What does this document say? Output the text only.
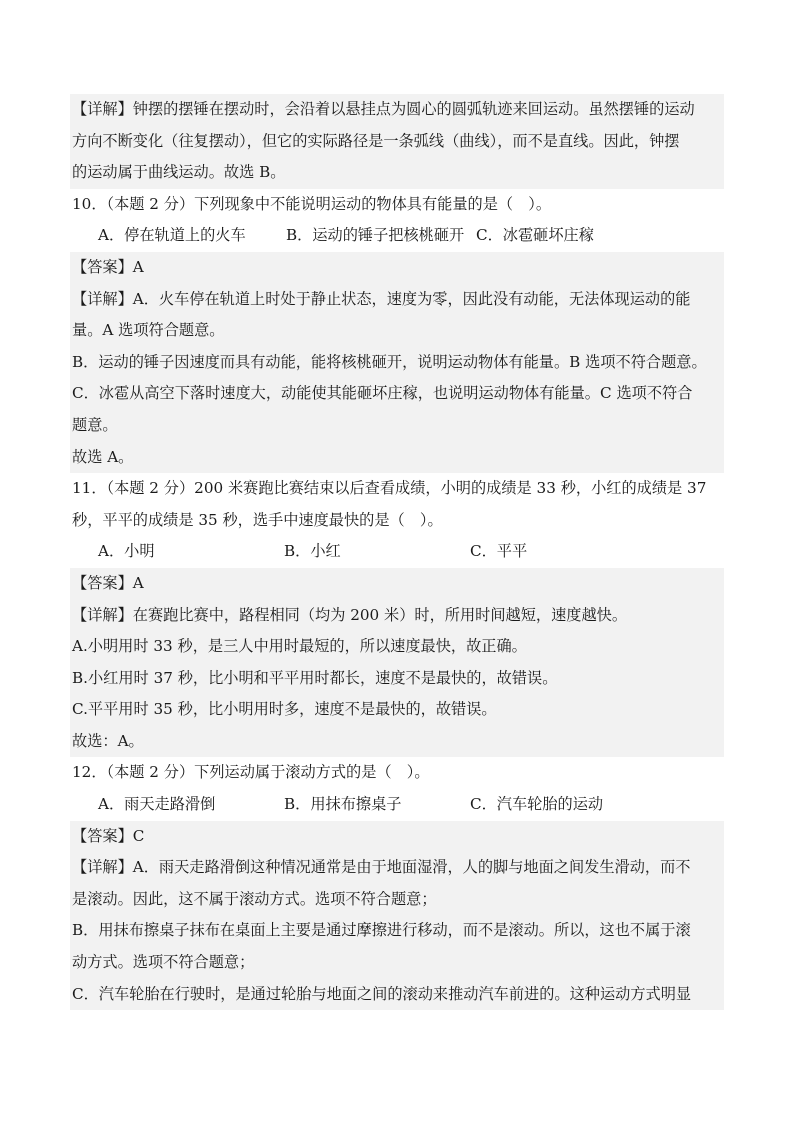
【详解】钟摆的摆锤在摆动时，会沿着以悬挂点为圆心的圆弧轨迹来回运动。虽然摆锤的运动
方向不断变化（往复摆动），但它的实际路径是一条弧线（曲线），而不是直线。因此，钟摆
的运动属于曲线运动。故选 B。
10．（本题 2 分）下列现象中不能说明运动的物体具有能量的是（　）。
A．停在轨道上的火车	B．运动的锤子把核桃砸开 C．冰雹砸坏庄稼
【答案】A
【详解】A．火车停在轨道上时处于静止状态，速度为零，因此没有动能，无法体现运动的能
量。A 选项符合题意。
B．运动的锤子因速度而具有动能，能将核桃砸开，说明运动物体有能量。B 选项不符合题意。
C．冰雹从高空下落时速度大，动能使其能砸坏庄稼，也说明运动物体有能量。C 选项不符合
题意。
故选 A。
11．（本题 2 分）200 米赛跑比赛结束以后查看成绩，小明的成绩是 33 秒，小红的成绩是 37
秒，平平的成绩是 35 秒，选手中速度最快的是（　）。
A．小明	B．小红	C．平平
【答案】A
【详解】在赛跑比赛中，路程相同（均为 200 米）时，所用时间越短，速度越快。
A.小明用时 33 秒，是三人中用时最短的，所以速度最快，故正确。
B.小红用时 37 秒，比小明和平平用时都长，速度不是最快的，故错误。
C.平平用时 35 秒，比小明用时多，速度不是最快的，故错误。
故选：A。
12．（本题 2 分）下列运动属于滚动方式的是（　）。
A．雨天走路滑倒	B．用抹布擦桌子	C．汽车轮胎的运动
【答案】C
【详解】A．雨天走路滑倒这种情况通常是由于地面湿滑，人的脚与地面之间发生滑动，而不
是滚动。因此，这不属于滚动方式。选项不符合题意；
B．用抹布擦桌子抹布在桌面上主要是通过摩擦进行移动，而不是滚动。所以，这也不属于滚
动方式。选项不符合题意；
C．汽车轮胎在行驶时，是通过轮胎与地面之间的滚动来推动汽车前进的。这种运动方式明显
